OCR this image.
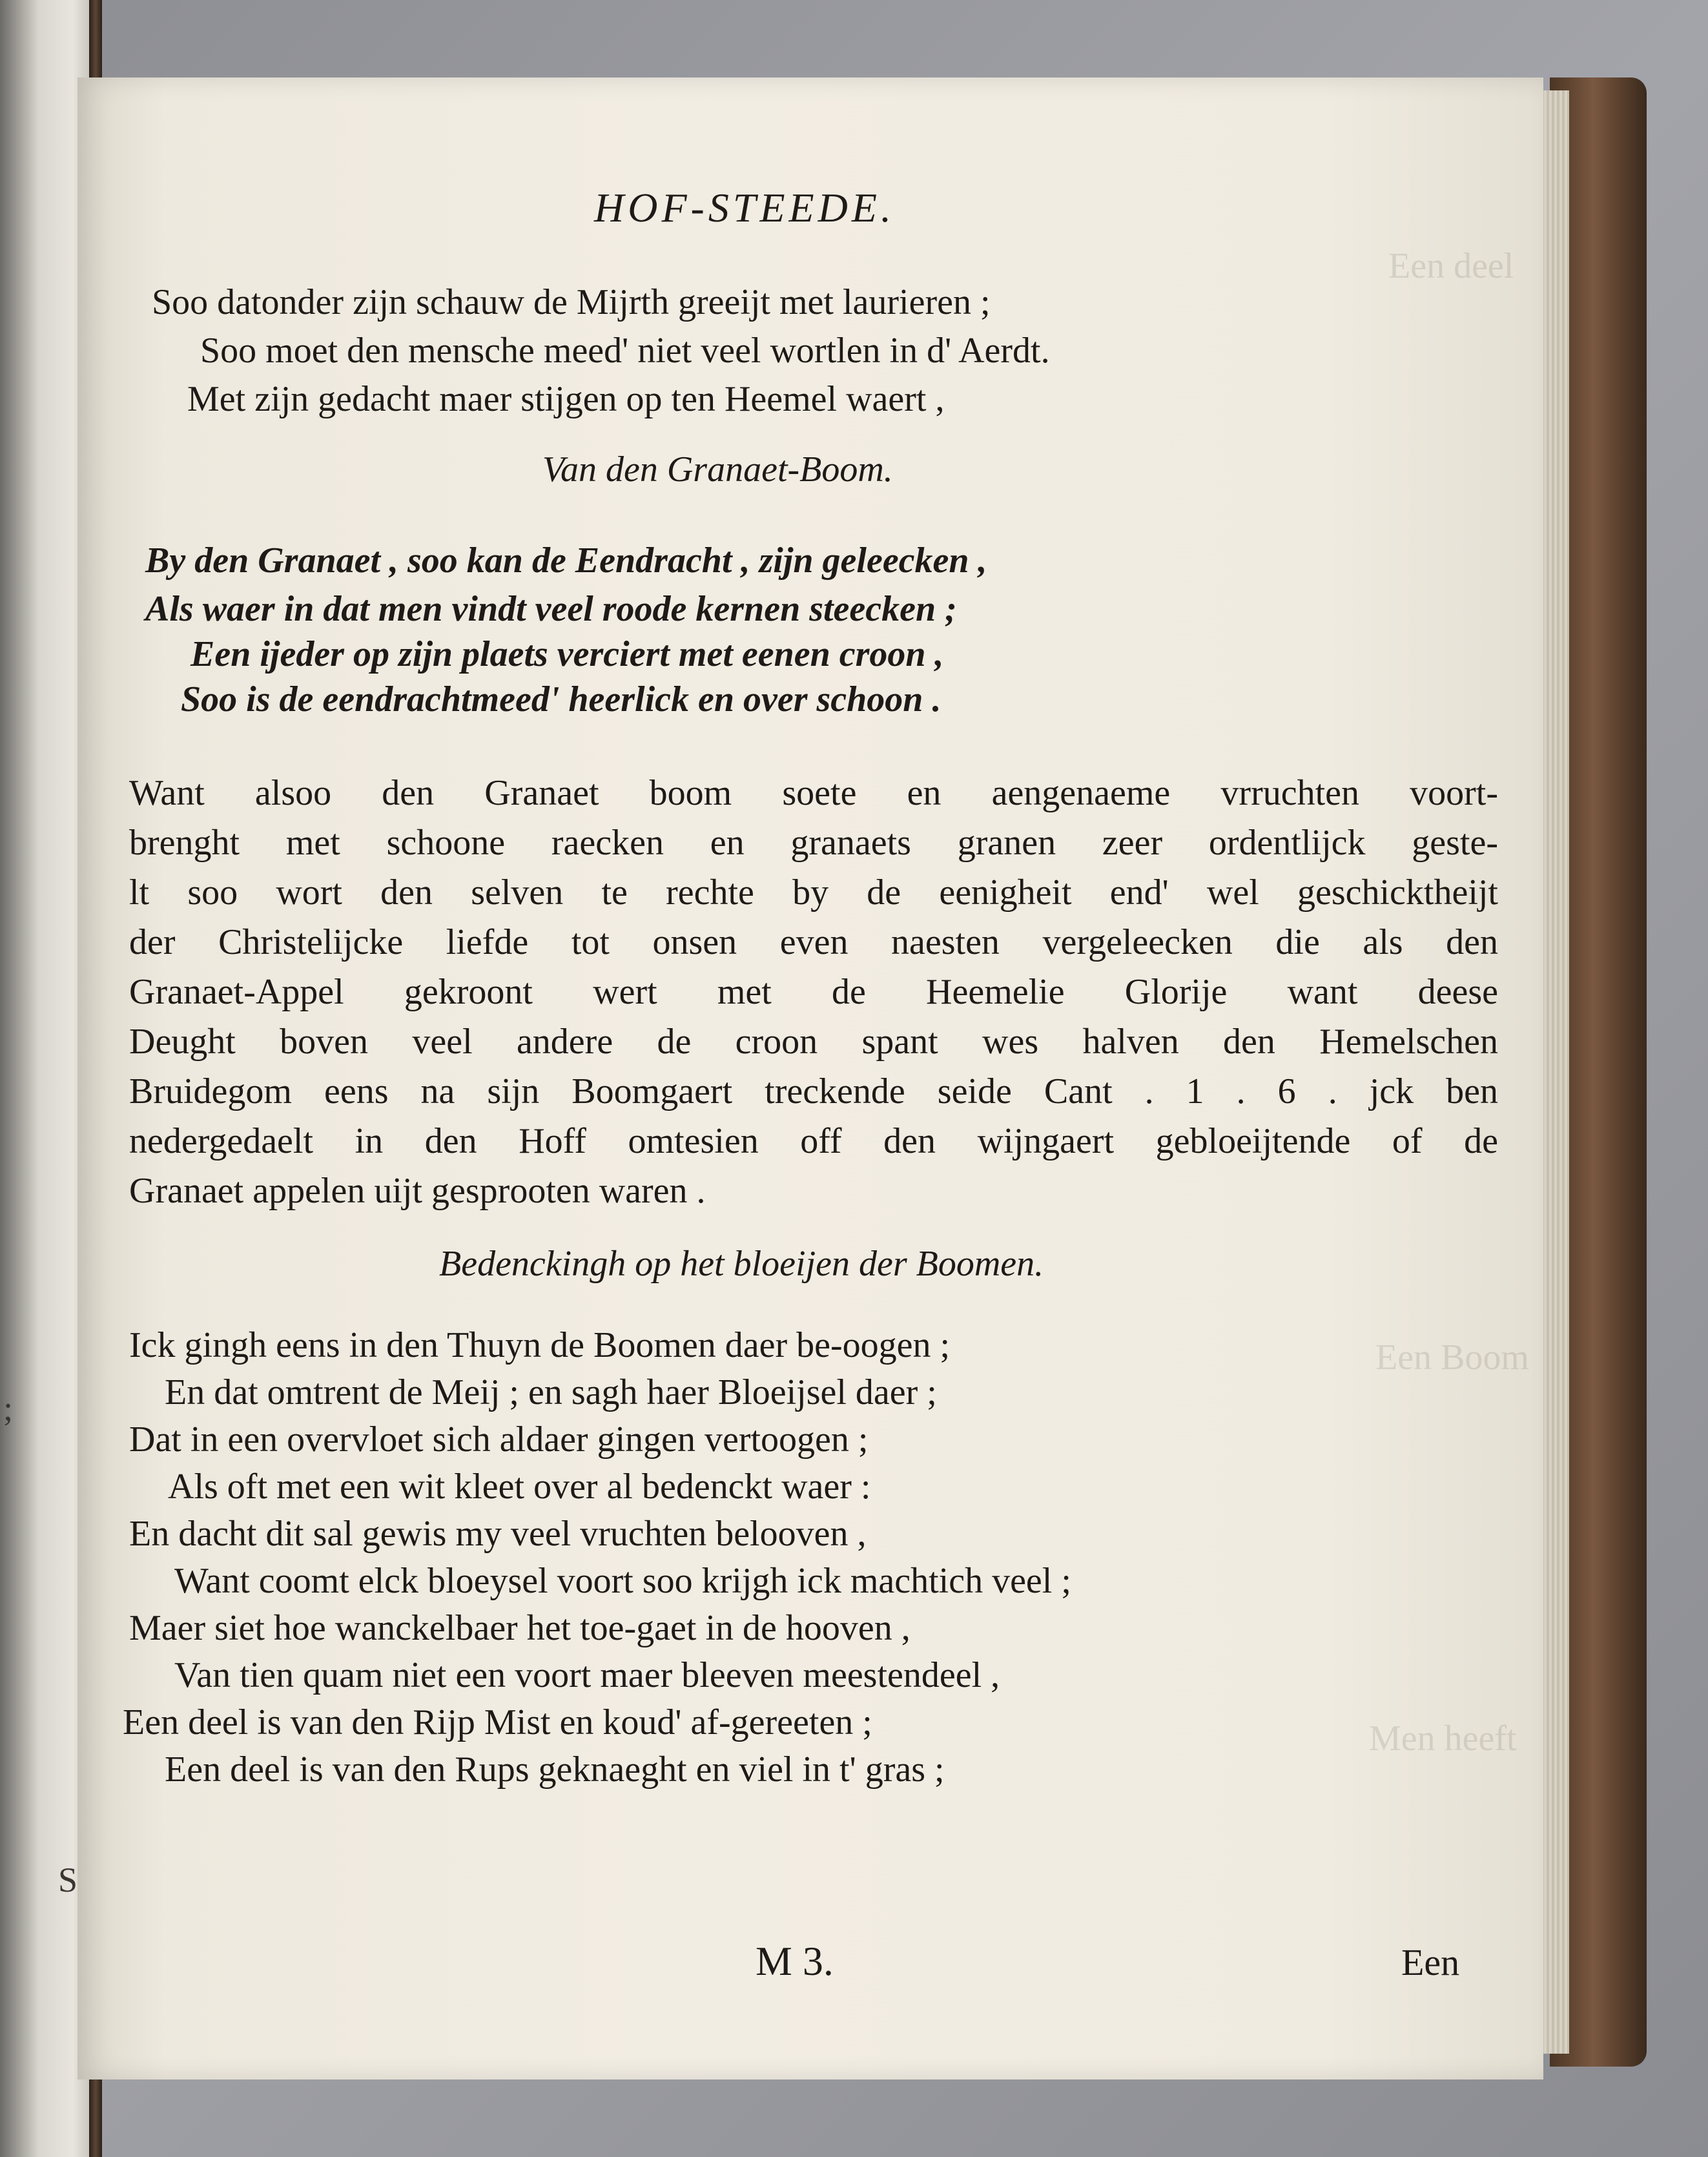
;
S
Een deel
Een Boom
Men heeft
HOF-STEEDE.
Soo datonder zijn schauw de Mijrth greeijt met laurieren ;
Soo moet den mensche meed' niet veel wortlen in d' Aerdt.
Met zijn gedacht maer stijgen op ten Heemel waert ,
Van den Granaet-Boom.
By den Granaet , soo kan de Eendracht , zijn geleecken ,
Als waer in dat men vindt veel roode kernen steecken ;
Een ijeder op zijn plaets verciert met eenen croon ,
Soo is de eendrachtmeed' heerlick en over schoon .
Want alsoo den Granaet boom soete en aengenaeme vrruchten voort-
brenght met schoone raecken en granaets granen zeer ordentlijck geste-
lt soo wort den selven te rechte by de eenigheit end' wel geschicktheijt
der Christelijcke liefde tot onsen even naesten vergeleecken die als den
Granaet-Appel gekroont wert met de Heemelie Glorije want deese
Deught boven veel andere de croon spant wes halven den Hemelschen
Bruidegom eens na sijn Boomgaert treckende seide Cant . 1 . 6 . jck ben
nedergedaelt in den Hoff omtesien off den wijngaert gebloeijtende of de
Granaet appelen uijt gesprooten waren .
Bedenckingh op het bloeijen der Boomen.
Ick gingh eens in den Thuyn de Boomen daer be-oogen ;
En dat omtrent de Meij ; en sagh haer Bloeijsel daer ;
Dat in een overvloet sich aldaer gingen vertoogen ;
Als oft met een wit kleet over al bedenckt waer :
En dacht dit sal gewis my veel vruchten belooven ,
Want coomt elck bloeysel voort soo krijgh ick machtich veel ;
Maer siet hoe wanckelbaer het toe-gaet in de hooven ,
Van tien quam niet een voort maer bleeven meestendeel ,
Een deel is van den Rijp Mist en koud' af-gereeten ;
Een deel is van den Rups geknaeght en viel in t' gras ;
M 3.	Een
